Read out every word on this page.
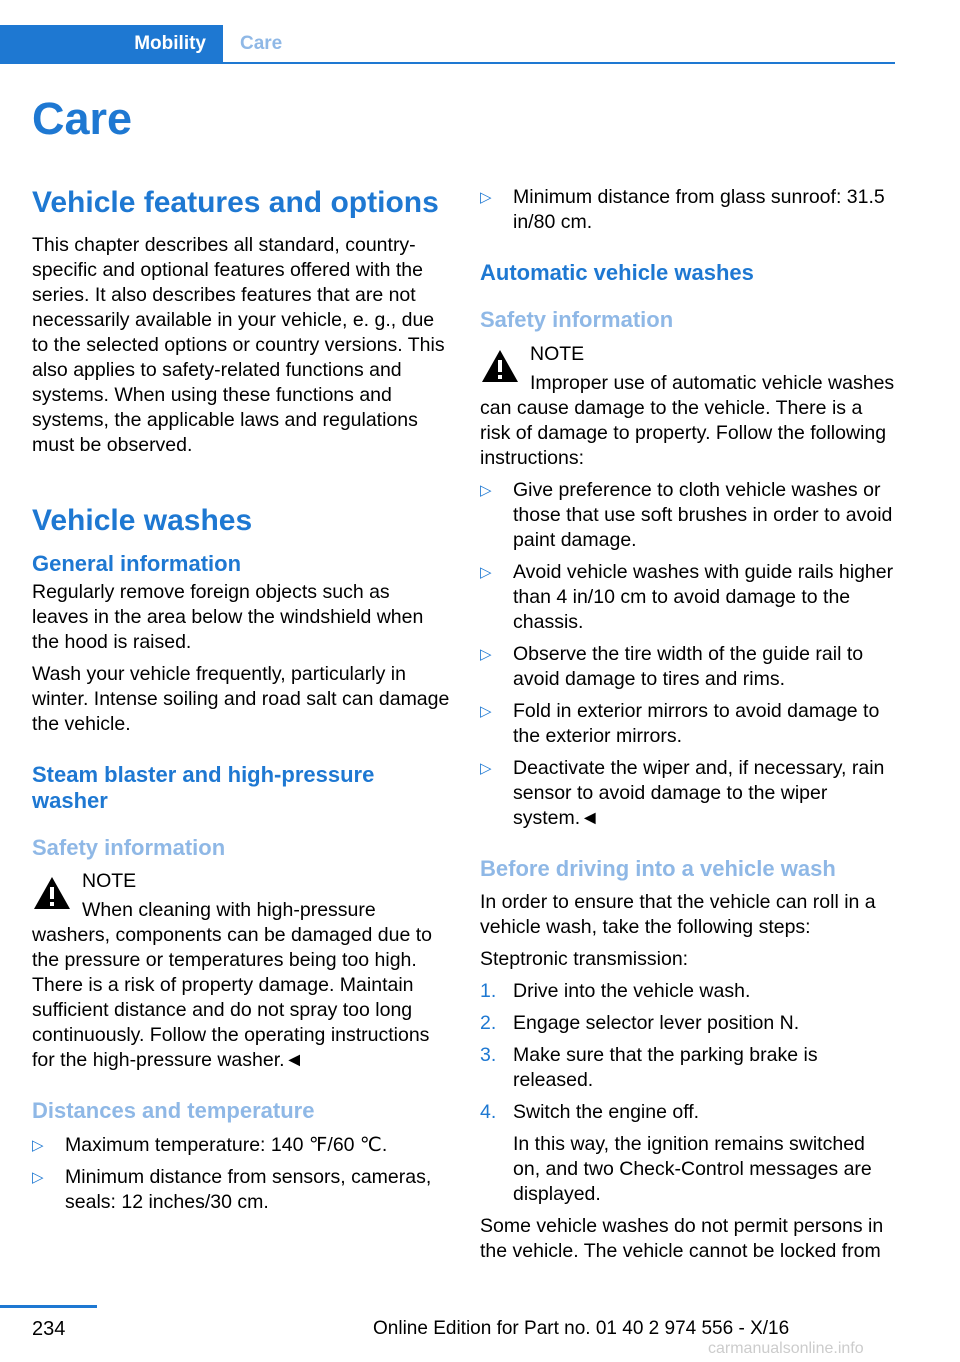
Mobility	Care
Care
Vehicle features and options

This chapter describes all standard, country-specific and optional features offered with the series. It also describes features that are not necessarily available in your vehicle, e. g., due to the selected options or country versions. This also applies to safety-related functions and systems. When using these functions and systems, the applicable laws and regulations must be observed.

Vehicle washes
General information

Regularly remove foreign objects such as leaves in the area below the windshield when the hood is raised.

Wash your vehicle frequently, particularly in winter. Intense soiling and road salt can damage the vehicle.

Steam blaster and high-pressure washer
Safety information
NOTE

When cleaning with high-pressure washers, components can be damaged due to the pressure or temperatures being too high. There is a risk of property damage. Maintain sufficient distance and do not spray too long continuously. Follow the operating instructions for the high-pressure washer.◄

Distances and temperature
▷ Maximum temperature: 140 ℉/60 ℃.
▷ Minimum distance from sensors, cameras, seals: 12 inches/30 cm.
▷ Minimum distance from glass sunroof: 31.5 in/80 cm.
Automatic vehicle washes
Safety information
NOTE

Improper use of automatic vehicle washes can cause damage to the vehicle. There is a risk of damage to property. Follow the following instructions:

▷ Give preference to cloth vehicle washes or those that use soft brushes in order to avoid paint damage.
▷ Avoid vehicle washes with guide rails higher than 4 in/10 cm to avoid damage to the chassis.
▷ Observe the tire width of the guide rail to avoid damage to tires and rims.
▷ Fold in exterior mirrors to avoid damage to the exterior mirrors.
▷ Deactivate the wiper and, if necessary, rain sensor to avoid damage to the wiper system.◄
Before driving into a vehicle wash

In order to ensure that the vehicle can roll in a vehicle wash, take the following steps:

Steptronic transmission:

1. Drive into the vehicle wash.
2. Engage selector lever position N.
3. Make sure that the parking brake is released.
4. Switch the engine off.
In this way, the ignition remains switched on, and two Check-Control messages are displayed.

Some vehicle washes do not permit persons in the vehicle. The vehicle cannot be locked from

234	Online Edition for Part no. 01 40 2 974 556 - X/16
carmanualsonline.info
